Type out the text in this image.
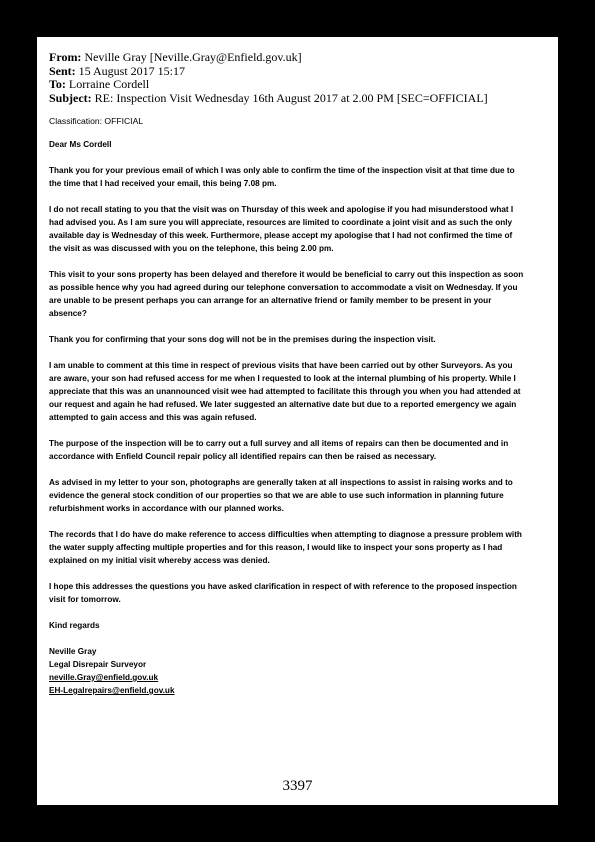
From: Neville Gray [Neville.Gray@Enfield.gov.uk]
Sent: 15 August 2017 15:17
To: Lorraine Cordell
Subject: RE: Inspection Visit Wednesday 16th August 2017 at 2.00 PM [SEC=OFFICIAL]
Classification: OFFICIAL

Dear Ms Cordell

Thank you for your previous email of which I was only able to confirm the time of the inspection visit at that time due to the time that I had received your email, this being 7.08 pm.

I do not recall stating to you that the visit was on Thursday of this week and apologise if you had misunderstood what I had advised you. As I am sure you will appreciate, resources are limited to coordinate a joint visit and as such the only available day is Wednesday of this week. Furthermore, please accept my apologise that I had not confirmed the time of the visit as was discussed with you on the telephone, this being 2.00 pm.

This visit to your sons property has been delayed and therefore it would be beneficial to carry out this inspection as soon as possible hence why you had agreed during our telephone conversation to accommodate a visit on Wednesday. If you are unable to be present perhaps you can arrange for an alternative friend or family member to be present in your absence?

Thank you for confirming that your sons dog will not be in the premises during the inspection visit.

I am unable to comment at this time in respect of previous visits that have been carried out by other Surveyors. As you are aware, your son had refused access for me when I requested to look at the internal plumbing of his property. While I appreciate that this was an unannounced visit wee had attempted to facilitate this through you when you had attended at our request and again he had refused. We later suggested an alternative date but due to a reported emergency we again attempted to gain access and this was again refused.

The purpose of the inspection will be to carry out a full survey and all items of repairs can then be documented and in accordance with Enfield Council repair policy all identified repairs can then be raised as necessary.

As advised in my letter to your son, photographs are generally taken at all inspections to assist in raising works and to evidence the general stock condition of our properties so that we are able to use such information in planning future refurbishment works in accordance with our planned works.

The records that I do have do make reference to access difficulties when attempting to diagnose a pressure problem with the water supply affecting multiple properties and for this reason, I would like to inspect your sons property as I had explained on my initial visit whereby access was denied.

I hope this addresses the questions you have asked clarification in respect of with reference to the proposed inspection visit for tomorrow.

Kind regards

Neville Gray
Legal Disrepair Surveyor
neville.Gray@enfield.gov.uk
EH-Legalrepairs@enfield.gov.uk
3397
